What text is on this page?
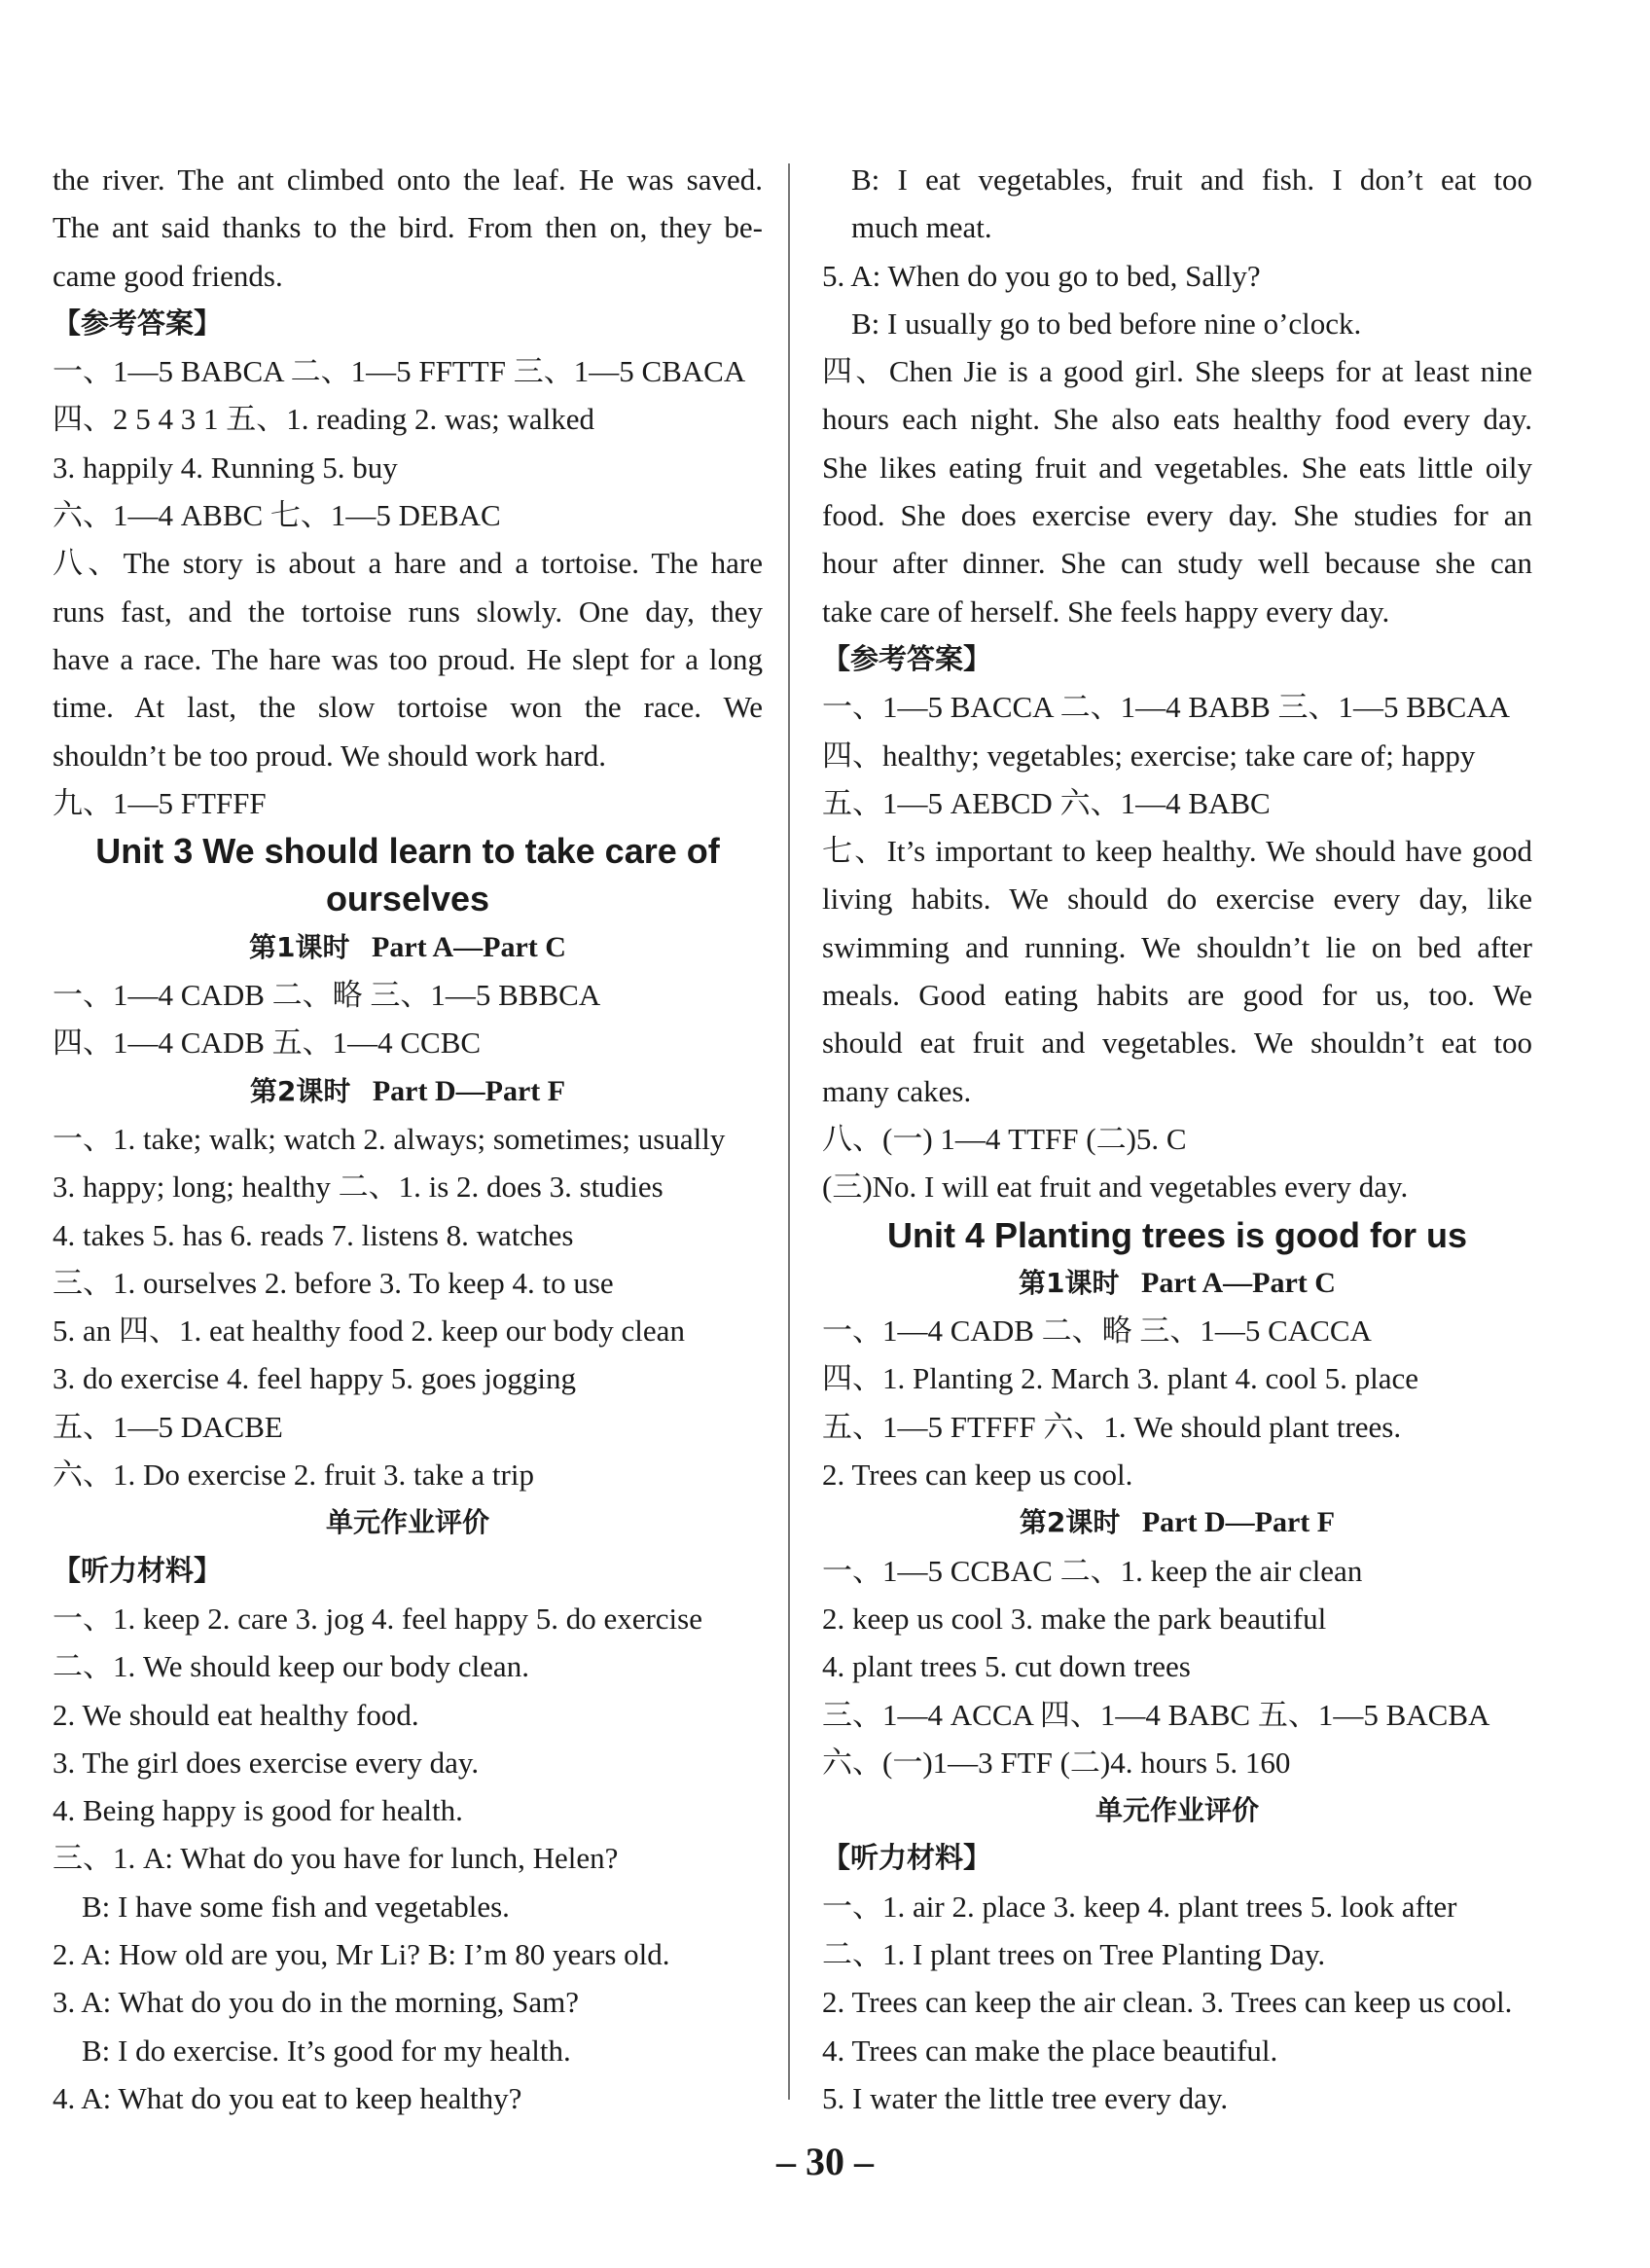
the river. The ant climbed onto the leaf. He was saved.
The ant said thanks to the bird. From then on, they be-
came good friends.
【参考答案】
一、1—5 BABCA 二、1—5 FFTTF 三、1—5 CBACA
四、2 5 4 3 1 五、1. reading 2. was; walked
3. happily 4. Running 5. buy
六、1—4 ABBC 七、1—5 DEBAC
八、The story is about a hare and a tortoise. The hare
runs fast, and the tortoise runs slowly. One day, they
have a race. The hare was too proud. He slept for a long
time. At last, the slow tortoise won the race. We
shouldn’t be too proud. We should work hard.
九、1—5 FTFFF
Unit 3 We should learn to take care of
ourselves
第1课时 Part A—Part C
一、1—4 CADB 二、略 三、1—5 BBBCA
四、1—4 CADB 五、1—4 CCBC
第2课时 Part D—Part F
一、1. take; walk; watch 2. always; sometimes; usually
3. happy; long; healthy 二、1. is 2. does 3. studies
4. takes 5. has 6. reads 7. listens 8. watches
三、1. ourselves 2. before 3. To keep 4. to use
5. an 四、1. eat healthy food 2. keep our body clean
3. do exercise 4. feel happy 5. goes jogging
五、1—5 DACBE
六、1. Do exercise 2. fruit 3. take a trip
单元作业评价
【听力材料】
一、1. keep 2. care 3. jog 4. feel happy 5. do exercise
二、1. We should keep our body clean.
2. We should eat healthy food.
3. The girl does exercise every day.
4. Being happy is good for health.
三、1. A: What do you have for lunch, Helen?
B: I have some fish and vegetables.
2. A: How old are you, Mr Li? B: I’m 80 years old.
3. A: What do you do in the morning, Sam?
B: I do exercise. It’s good for my health.
4. A: What do you eat to keep healthy?
B: I eat vegetables, fruit and fish. I don’t eat too
much meat.
5. A: When do you go to bed, Sally?
B: I usually go to bed before nine o’clock.
四、Chen Jie is a good girl. She sleeps for at least nine
hours each night. She also eats healthy food every day.
She likes eating fruit and vegetables. She eats little oily
food. She does exercise every day. She studies for an
hour after dinner. She can study well because she can
take care of herself. She feels happy every day.
【参考答案】
一、1—5 BACCA 二、1—4 BABB 三、1—5 BBCAA
四、healthy; vegetables; exercise; take care of; happy
五、1—5 AEBCD 六、1—4 BABC
七、It’s important to keep healthy. We should have good
living habits. We should do exercise every day, like
swimming and running. We shouldn’t lie on bed after
meals. Good eating habits are good for us, too. We
should eat fruit and vegetables. We shouldn’t eat too
many cakes.
八、(一) 1—4 TTFF (二)5. C
(三)No. I will eat fruit and vegetables every day.
Unit 4 Planting trees is good for us
第1课时 Part A—Part C
一、1—4 CADB 二、略 三、1—5 CACCA
四、1. Planting 2. March 3. plant 4. cool 5. place
五、1—5 FTFFF 六、1. We should plant trees.
2. Trees can keep us cool.
第2课时 Part D—Part F
一、1—5 CCBAC 二、1. keep the air clean
2. keep us cool 3. make the park beautiful
4. plant trees 5. cut down trees
三、1—4 ACCA 四、1—4 BABC 五、1—5 BACBA
六、(一)1—3 FTF (二)4. hours 5. 160
单元作业评价
【听力材料】
一、1. air 2. place 3. keep 4. plant trees 5. look after
二、1. I plant trees on Tree Planting Day.
2. Trees can keep the air clean. 3. Trees can keep us cool.
4. Trees can make the place beautiful.
5. I water the little tree every day.
– 30 –
